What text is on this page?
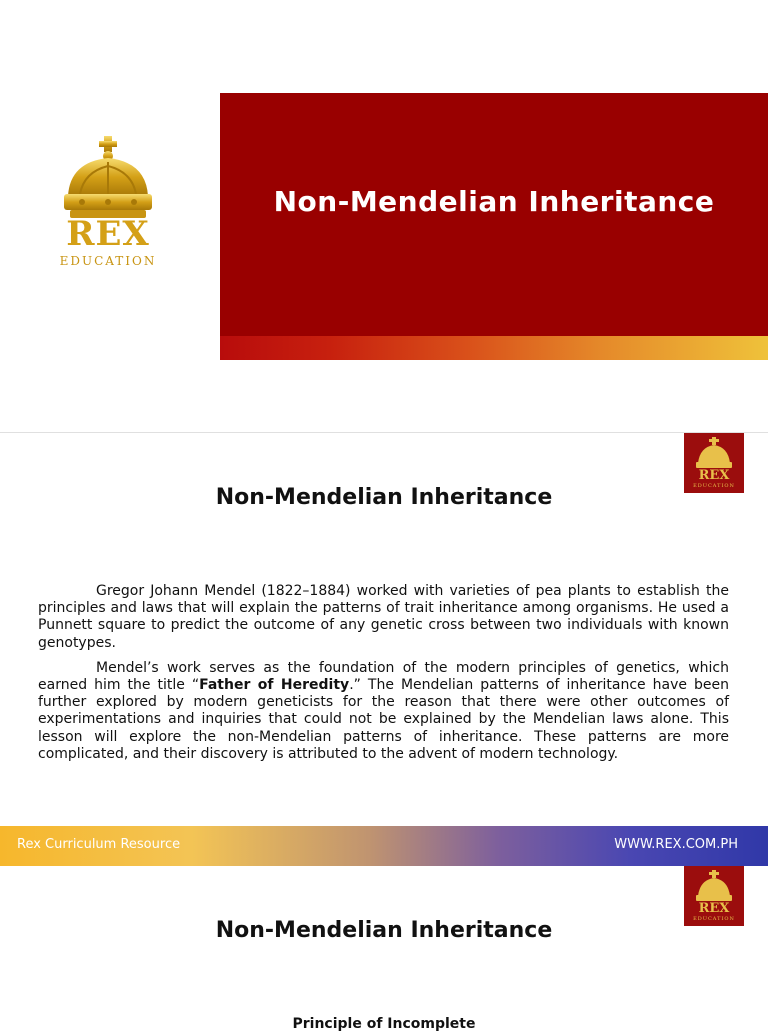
REX
EDUCATION
Non-Mendelian Inheritance
REX
EDUCATION
Non-Mendelian Inheritance

Gregor Johann Mendel (1822–1884) worked with varieties of pea plants to establish the principles and laws that will explain the patterns of trait inheritance among organisms. He used a Punnett square to predict the outcome of any genetic cross between two individuals with known genotypes.

Mendel’s work serves as the foundation of the modern principles of genetics, which earned him the title “Father of Heredity.” The Mendelian patterns of inheritance have been further explored by modern geneticists for the reason that there were other outcomes of experimentations and inquiries that could not be explained by the Mendelian laws alone. This lesson will explore the non-Mendelian patterns of inheritance. These patterns are more complicated, and their discovery is attributed to the advent of modern technology.

Rex Curriculum Resource	WWW.REX.COM.PH
REX
EDUCATION
Non-Mendelian Inheritance
Principle of Incomplete
